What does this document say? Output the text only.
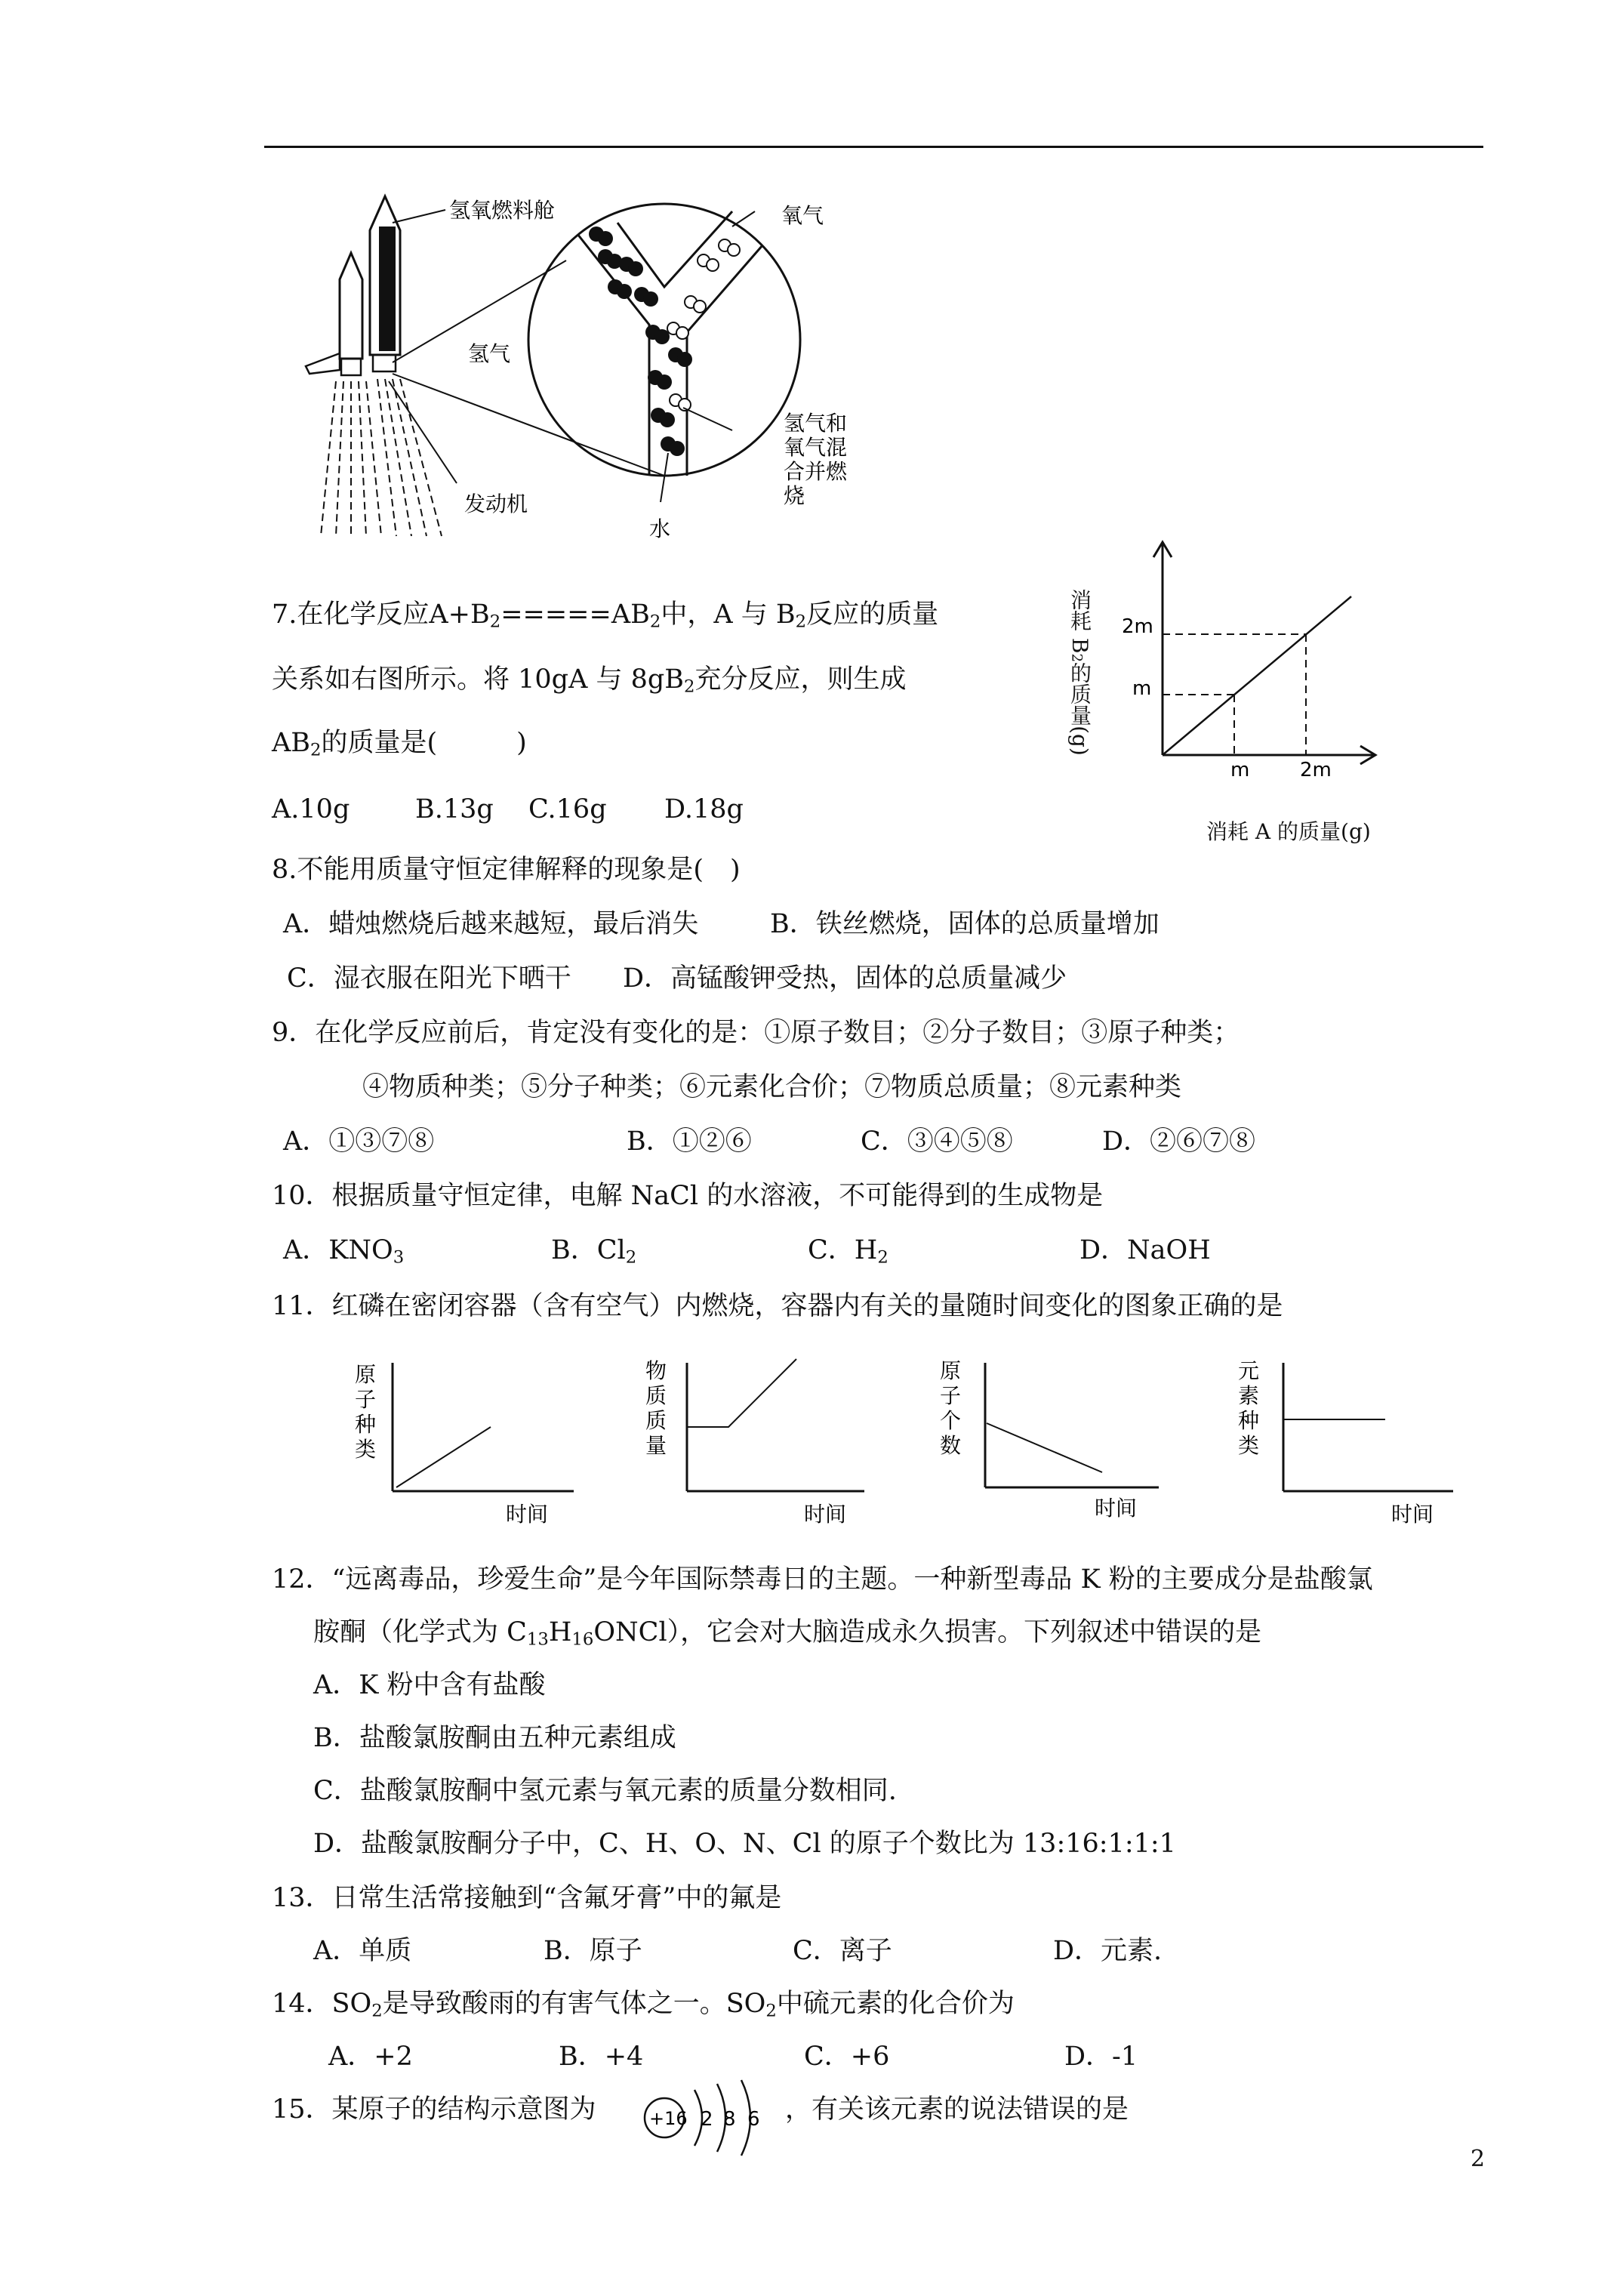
氢氧燃料舱	氧气
氢气
氢气和
氧气混
合并燃
烧
发动机
水
7.在化学反应$A+B_2=====AB_2$中，A 与 $B_2$反应的质量
关系如右图所示。将 10gA 与 $8gB_2$充分反应，则生成
$AB_2$的质量是(　　　)
A.10g B.13g C.16g D.18g
消耗 $B_2$的质量(g)
2m
m
m	2m
消耗 A 的质量(g)
8.不能用质量守恒定律解释的现象是(　)
A．蜡烛燃烧后越来越短，最后消失	B．铁丝燃烧，固体的总质量增加
C．湿衣服在阳光下晒干 D．高锰酸钾受热，固体的总质量减少
9．在化学反应前后，肯定没有变化的是：①原子数目；②分子数目；③原子种类；
④物质种类；⑤分子种类；⑥元素化合价；⑦物质总质量；⑧元素种类
A．①③⑦⑧	B．①②⑥	C．③④⑤⑧	D．②⑥⑦⑧
10．根据质量守恒定律，电解 NaCl 的水溶液，不可能得到的生成物是
A．$KNO_3$	B．$Cl_2$	C．$H_2$	D．NaOH
11．红磷在密闭容器（含有空气）内燃烧，容器内有关的量随时间变化的图象正确的是
原
子
种
类
时间
物
质
质
量
时间
原
子
个
数
时间
元
素
种
类
时间
12．“远离毒品，珍爱生命”是今年国际禁毒日的主题。一种新型毒品 K 粉的主要成分是盐酸氯
胺酮（化学式为 $C_{13}H_{16}ONCl$），它会对大脑造成永久损害。下列叙述中错误的是
A．K 粉中含有盐酸
B．盐酸氯胺酮由五种元素组成
C．盐酸氯胺酮中氢元素与氧元素的质量分数相同.
D．盐酸氯胺酮分子中，C、H、O、N、Cl 的原子个数比为 13:16:1:1:1
13．日常生活常接触到“含氟牙膏”中的氟是
A．单质	B．原子	C．离子	D．元素.
14．$SO_2$是导致酸雨的有害气体之一。$SO_2$中硫元素的化合价为
A．+2	B．+4	C．+6	D．-1
15．某原子的结构示意图为	+16 2 8 6 ，有关该元素的说法错误的是
2
